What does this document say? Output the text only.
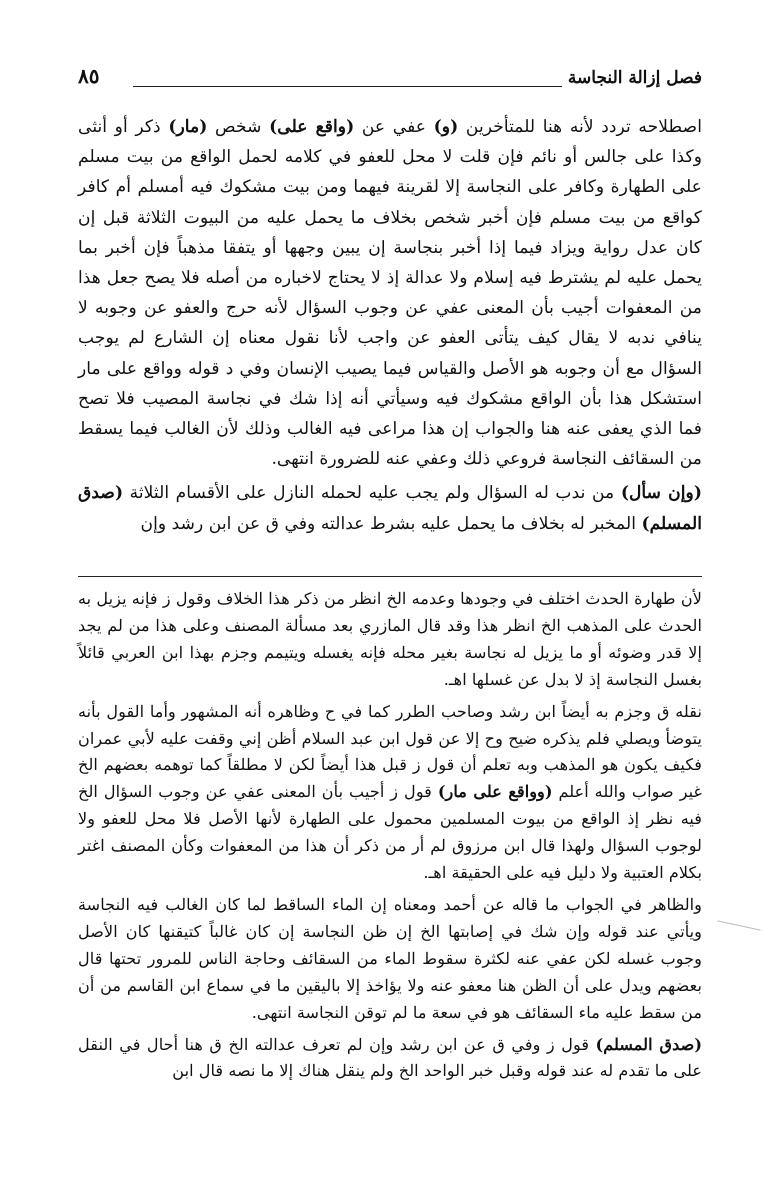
فصل إزالة النجاسة
٨٥

اصطلاحه تردد لأنه هنا للمتأخرين (و) عفي عن (واقع على) شخص (مار) ذكر أو أنثى وكذا على جالس أو نائم فإن قلت لا محل للعفو في كلامه لحمل الواقع من بيت مسلم على الطهارة وكافر على النجاسة إلا لقرينة فيهما ومن بيت مشكوك فيه أمسلم أم كافر كواقع من بيت مسلم فإن أخبر شخص بخلاف ما يحمل عليه من البيوت الثلاثة قبل إن كان عدل رواية ويزاد فيما إذا أخبر بنجاسة إن يبين وجهها أو يتفقا مذهباً فإن أخبر بما يحمل عليه لم يشترط فيه إسلام ولا عدالة إذ لا يحتاج لاخباره من أصله فلا يصح جعل هذا من المعفوات أجيب بأن المعنى عفي عن وجوب السؤال لأنه حرج والعفو عن وجوبه لا ينافي ندبه لا يقال كيف يتأتى العفو عن واجب لأنا نقول معناه إن الشارع لم يوجب السؤال مع أن وجوبه هو الأصل والقياس فيما يصيب الإنسان وفي د قوله وواقع على مار استشكل هذا بأن الواقع مشكوك فيه وسيأتي أنه إذا شك في نجاسة المصيب فلا تصح فما الذي يعفى عنه هنا والجواب إن هذا مراعى فيه الغالب وذلك لأن الغالب فيما يسقط من السقائف النجاسة فروعي ذلك وعفي عنه للضرورة انتهى.

(وإن سأل) من ندب له السؤال ولم يجب عليه لحمله النازل على الأقسام الثلاثة (صدق المسلم) المخبر له بخلاف ما يحمل عليه بشرط عدالته وفي ق عن ابن رشد وإن

لأن طهارة الحدث اختلف في وجودها وعدمه الخ انظر من ذكر هذا الخلاف وقول ز فإنه يزيل به الحدث على المذهب الخ انظر هذا وقد قال المازري بعد مسألة المصنف وعلى هذا من لم يجد إلا قدر وضوئه أو ما يزيل له نجاسة بغير محله فإنه يغسله ويتيمم وجزم بهذا ابن العربي قائلاً بغسل النجاسة إذ لا بدل عن غسلها اهـ.

نقله ق وجزم به أيضاً ابن رشد وصاحب الطرر كما في ح وظاهره أنه المشهور وأما القول بأنه يتوضأ ويصلي فلم يذكره ضيح وح إلا عن قول ابن عبد السلام أظن إني وقفت عليه لأبي عمران فكيف يكون هو المذهب وبه تعلم أن قول ز قبل هذا أيضاً لكن لا مطلقاً كما توهمه بعضهم الخ غير صواب والله أعلم (وواقع على مار) قول ز أجيب بأن المعنى عفي عن وجوب السؤال الخ فيه نظر إذ الواقع من بيوت المسلمين محمول على الطهارة لأنها الأصل فلا محل للعفو ولا لوجوب السؤال ولهذا قال ابن مرزوق لم أر من ذكر أن هذا من المعفوات وكأن المصنف اغتر بكلام العتبية ولا دليل فيه على الحقيقة اهـ.

والظاهر في الجواب ما قاله عن أحمد ومعناه إن الماء الساقط لما كان الغالب فيه النجاسة ويأتي عند قوله وإن شك في إصابتها الخ إن ظن النجاسة إن كان غالباً كتيقنها كان الأصل وجوب غسله لكن عفي عنه لكثرة سقوط الماء من السقائف وحاجة الناس للمرور تحتها قال بعضهم ويدل على أن الظن هنا معفو عنه ولا يؤاخذ إلا باليقين ما في سماع ابن القاسم من أن من سقط عليه ماء السقائف هو في سعة ما لم توقن النجاسة انتهى.

(صدق المسلم) قول ز وفي ق عن ابن رشد وإن لم تعرف عدالته الخ ق هنا أحال في النقل على ما تقدم له عند قوله وقبل خبر الواحد الخ ولم ينقل هناك إلا ما نصه قال ابن
